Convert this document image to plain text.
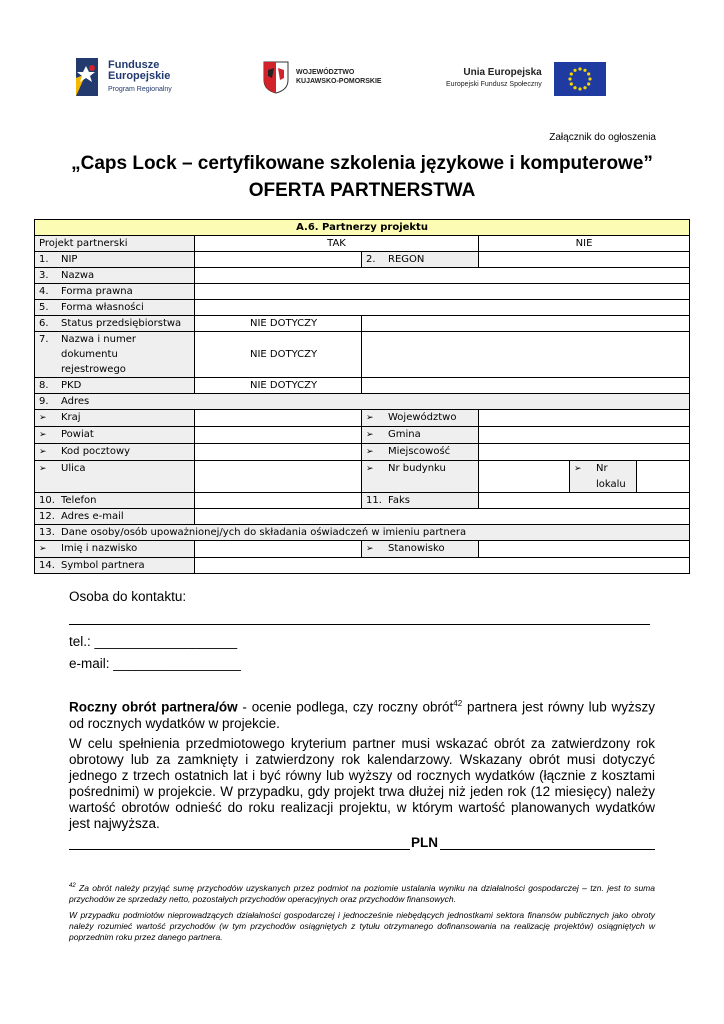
Fundusze
Europejskie
Program Regionalny
WOJEWÓDZTWO
KUJAWSKO-POMORSKIE
Unia Europejska
Europejski Fundusz Społeczny
Załącznik do ogłoszenia
„Caps Lock – certyfikowane szkolenia językowe i komputerowe”
OFERTA PARTNERSTWA
A.6. Partnerzy projektu					
Projekt partnerski	TAK		NIE		
1. NIP		2. REGON			
3. Nazwa					
4. Forma prawna					
5. Forma własności					
6. Status przedsiębiorstwa	NIE DOTYCZY				
7. Nazwa i numer
dokumentu
rejestrowego	NIE DOTYCZY				
8. PKD	NIE DOTYCZY				
9. Adres					
➢ Kraj		➢ Województwo			
➢ Powiat		➢ Gmina			
➢ Kod pocztowy		➢ Miejscowość			
➢ Ulica		➢ Nr budynku		➢ Nr
lokalu	
10. Telefon		11. Faks			
12. Adres e-mail					
13. Dane osoby/osób upoważnionej/ych do składania oświadczeń w imieniu partnera					
➢ Imię i nazwisko		➢ Stanowisko			
14. Symbol partnera					
Osoba do kontaktu:
tel.: ___________________
e-mail: _________________
Roczny obrót partnera/ów - ocenie podlega, czy roczny obrót$^{42}$ partnera jest równy lub wyższy od rocznych wydatków w projekcie.
W celu spełnienia przedmiotowego kryterium partner musi wskazać obrót za zatwierdzony rok obrotowy lub za zamknięty i zatwierdzony rok kalendarzowy. Wskazany obrót musi dotyczyć jednego z trzech ostatnich lat i być równy lub wyższy od rocznych wydatków (łącznie z kosztami pośrednimi) w projekcie. W przypadku, gdy projekt trwa dłużej niż jeden rok (12 miesięcy) należy wartość obrotów odnieść do roku realizacji projektu, w którym wartość planowanych wydatków jest najwyższa.
PLN
$^{42}$ Za obrót należy przyjąć sumę przychodów uzyskanych przez podmiot na poziomie ustalania wyniku na działalności gospodarczej – tzn. jest to suma przychodów ze sprzedaży netto, pozostałych przychodów operacyjnych oraz przychodów finansowych.
W przypadku podmiotów nieprowadzących działalności gospodarczej i jednocześnie niebędących jednostkami sektora finansów publicznych jako obroty należy rozumieć wartość przychodów (w tym przychodów osiągniętych z tytułu otrzymanego dofinansowania na realizację projektów) osiągniętych w poprzednim roku przez danego partnera.
